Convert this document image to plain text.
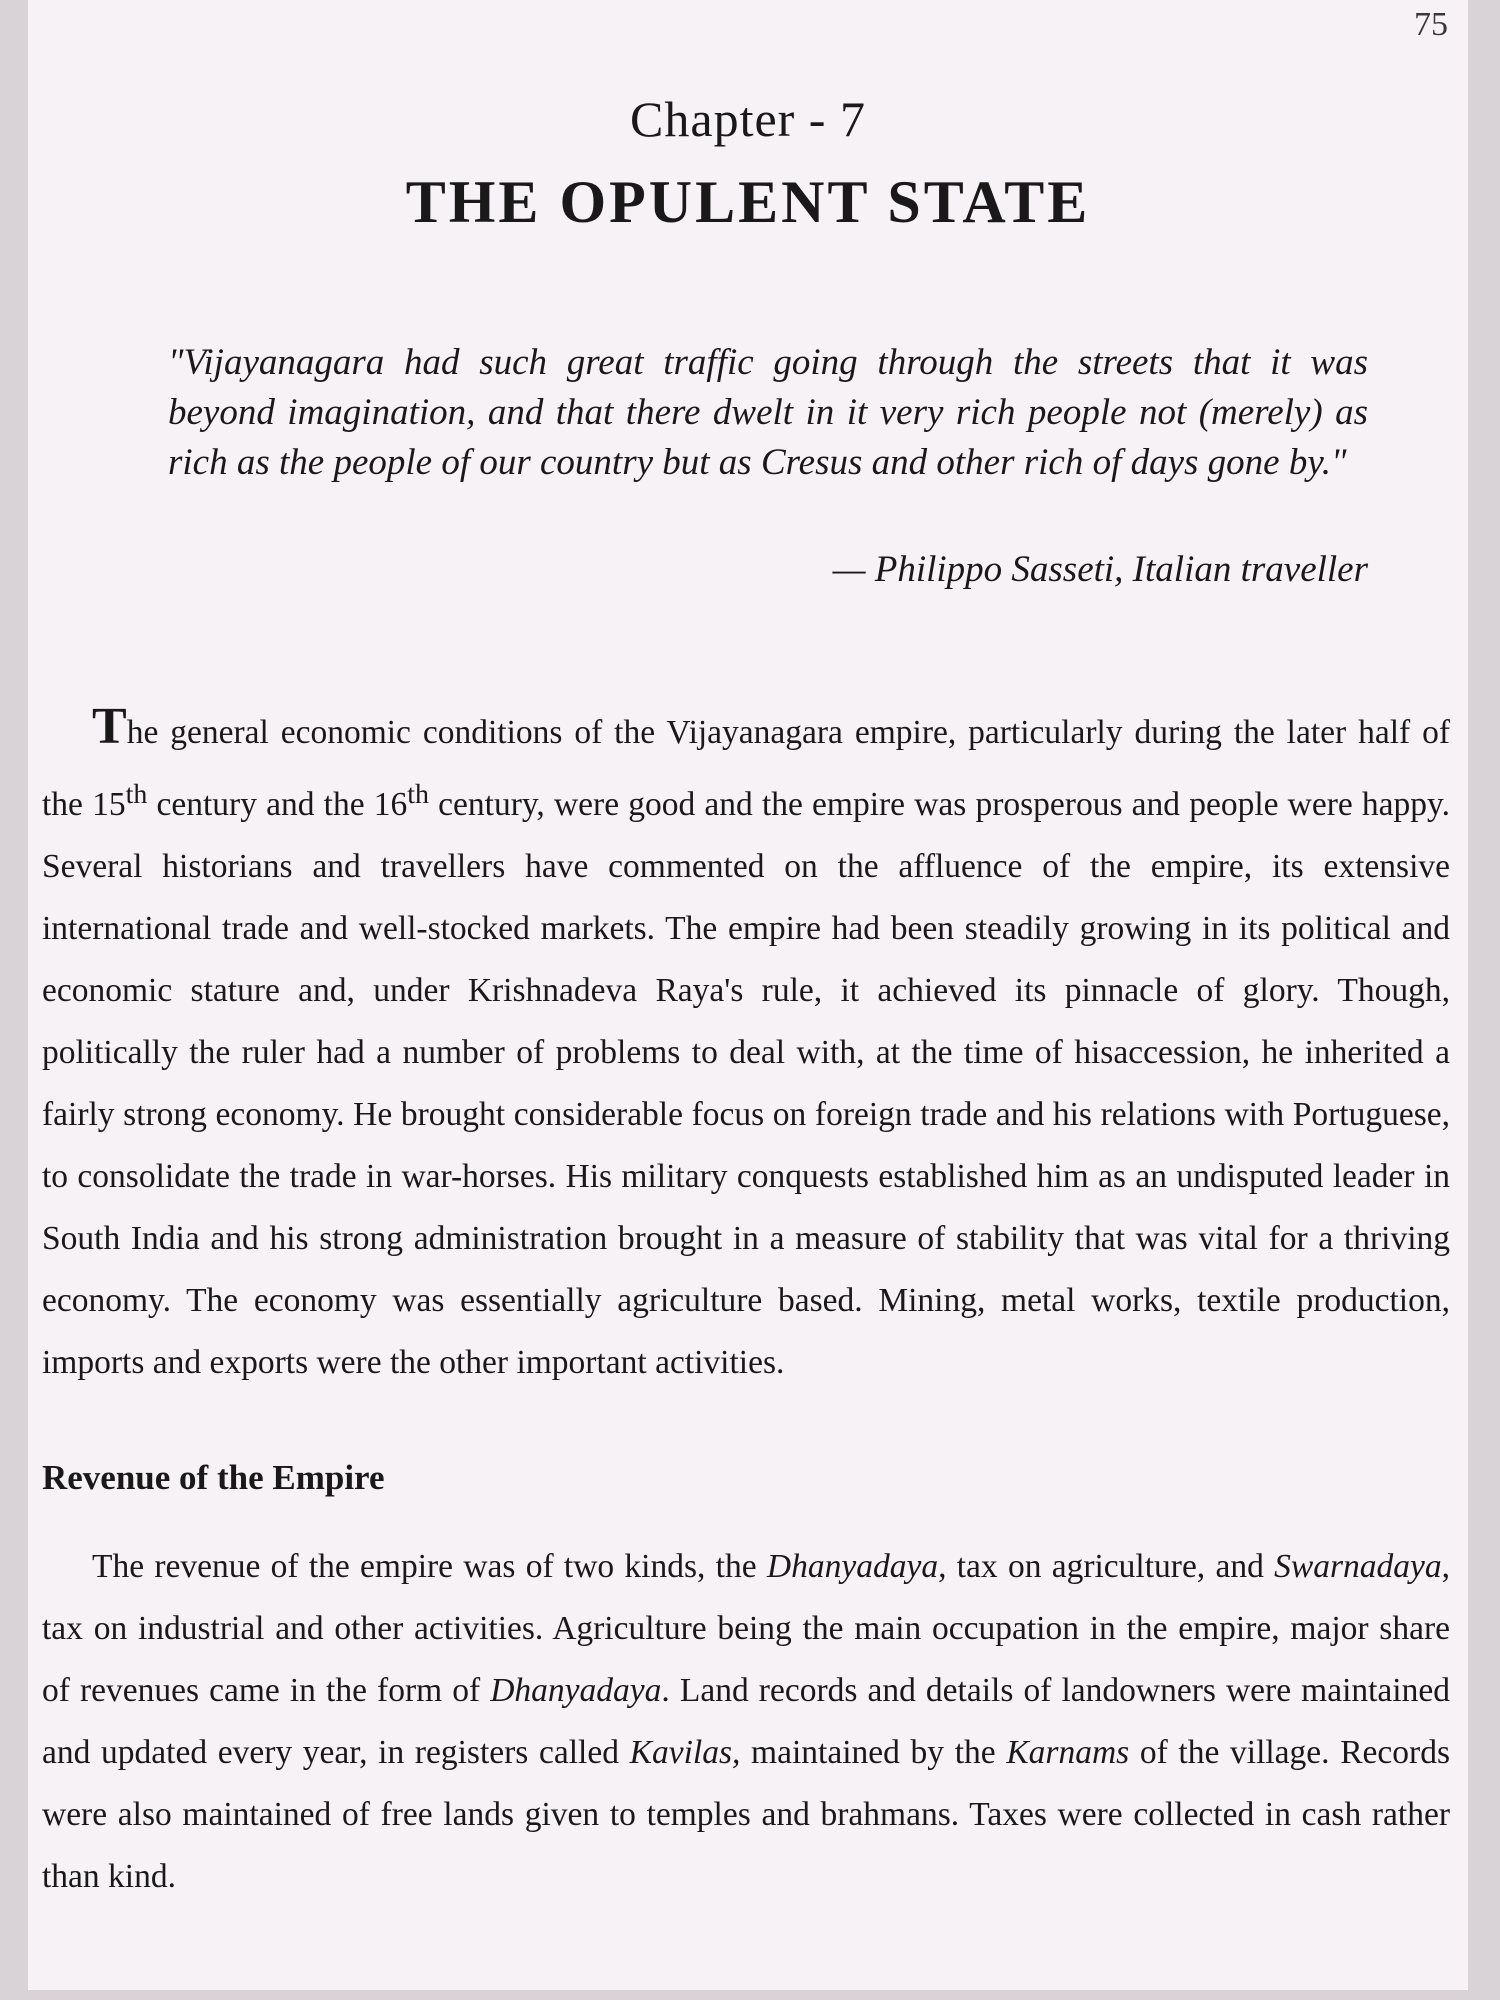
75
Chapter - 7
THE OPULENT STATE
"Vijayanagara had such great traffic going through the streets that it was beyond imagination, and that there dwelt in it very rich people not (merely) as rich as the people of our country but as Cresus and other rich of days gone by."
— Philippo Sasseti, Italian traveller

The general economic conditions of the Vijayanagara empire, particularly during the later half of the 15th century and the 16th century, were good and the empire was prosperous and people were happy. Several historians and travellers have commented on the affluence of the empire, its extensive international trade and well-stocked markets. The empire had been steadily growing in its political and economic stature and, under Krishnadeva Raya's rule, it achieved its pinnacle of glory. Though, politically the ruler had a number of problems to deal with, at the time of hisaccession, he inherited a fairly strong economy. He brought considerable focus on foreign trade and his relations with Portuguese, to consolidate the trade in war-horses. His military conquests established him as an undisputed leader in South India and his strong administration brought in a measure of stability that was vital for a thriving economy. The economy was essentially agriculture based. Mining, metal works, textile production, imports and exports were the other important activities.

Revenue of the Empire

The revenue of the empire was of two kinds, the Dhanyadaya, tax on agriculture, and Swarnadaya, tax on industrial and other activities. Agriculture being the main occupation in the empire, major share of revenues came in the form of Dhanyadaya. Land records and details of landowners were maintained and updated every year, in registers called Kavilas, maintained by the Karnams of the village. Records were also maintained of free lands given to temples and brahmans. Taxes were collected in cash rather than kind.
